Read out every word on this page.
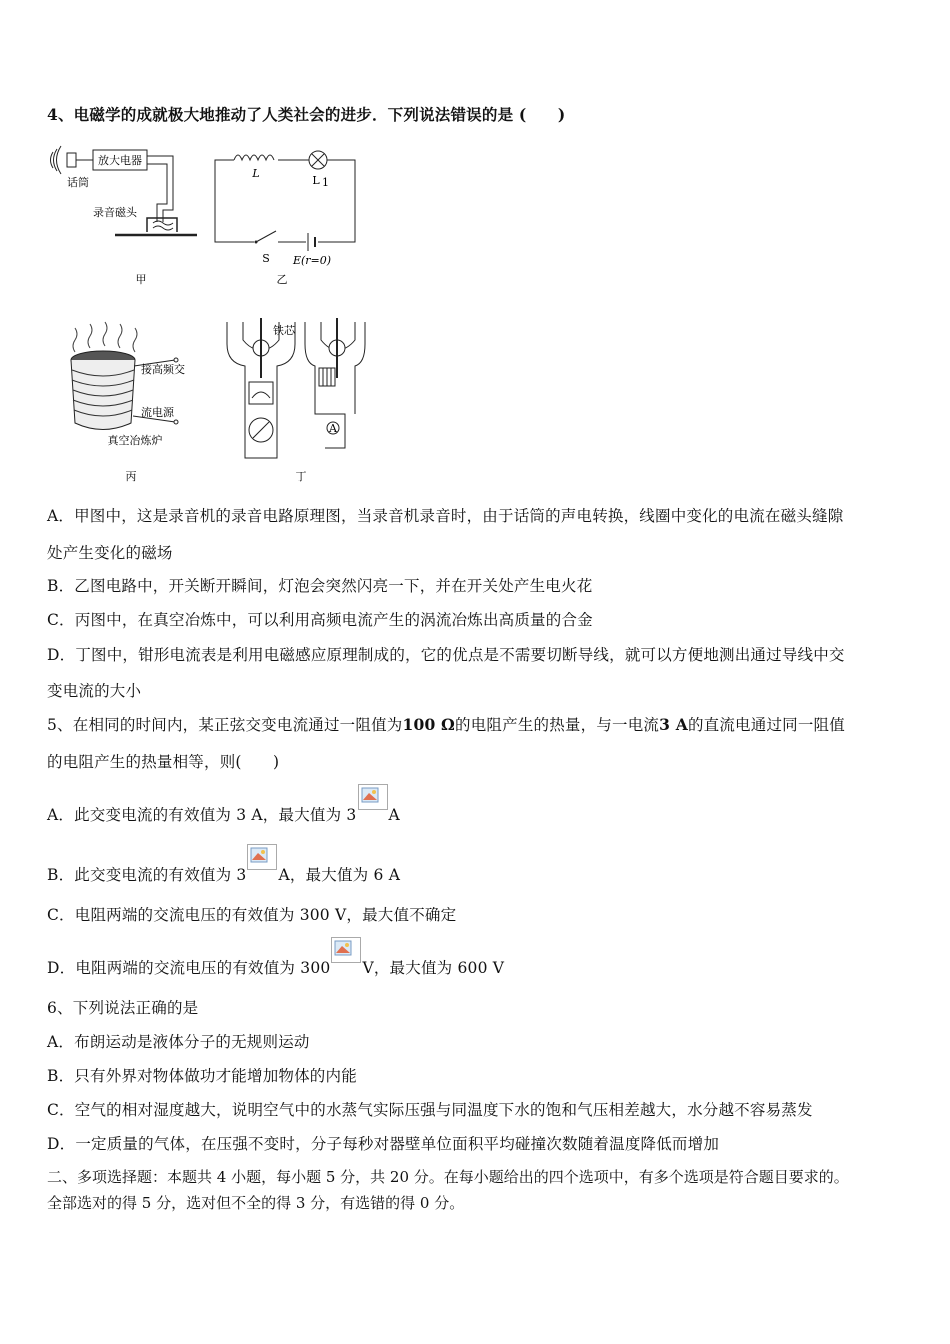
4、电磁学的成就极大地推动了人类社会的进步．下列说法错误的是 (　　)
放大电器
话筒
录音磁头
甲
L
L 1
S E(r=0)
乙
接高频交
流电源
真空冶炼炉
丙
A
铁芯
丁
A．甲图中，这是录音机的录音电路原理图，当录音机录音时，由于话筒的声电转换，线圈中变化的电流在磁头缝隙
处产生变化的磁场
B．乙图电路中，开关断开瞬间，灯泡会突然闪亮一下，并在开关处产生电火花
C．丙图中，在真空冶炼中，可以利用高频电流产生的涡流冶炼出高质量的合金
D．丁图中，钳形电流表是利用电磁感应原理制成的，它的优点是不需要切断导线，就可以方便地测出通过导线中交
变电流的大小
5、在相同的时间内，某正弦交变电流通过一阻值为100 Ω的电阻产生的热量，与一电流3 A的直流电通过同一阻值
的电阻产生的热量相等，则(　　)
A．此交变电流的有效值为 3 A，最大值为 3 A
B．此交变电流的有效值为 3 A，最大值为 6 A
C．电阻两端的交流电压的有效值为 300 V，最大值不确定
D．电阻两端的交流电压的有效值为 300 V，最大值为 600 V
6、下列说法正确的是
A．布朗运动是液体分子的无规则运动
B．只有外界对物体做功才能增加物体的内能
C．空气的相对湿度越大，说明空气中的水蒸气实际压强与同温度下水的饱和气压相差越大，水分越不容易蒸发
D．一定质量的气体，在压强不变时，分子每秒对器壁单位面积平均碰撞次数随着温度降低而增加
二、多项选择题：本题共 4 小题，每小题 5 分，共 20 分。在每小题给出的四个选项中，有多个选项是符合题目要求的。
全部选对的得 5 分，选对但不全的得 3 分，有选错的得 0 分。
